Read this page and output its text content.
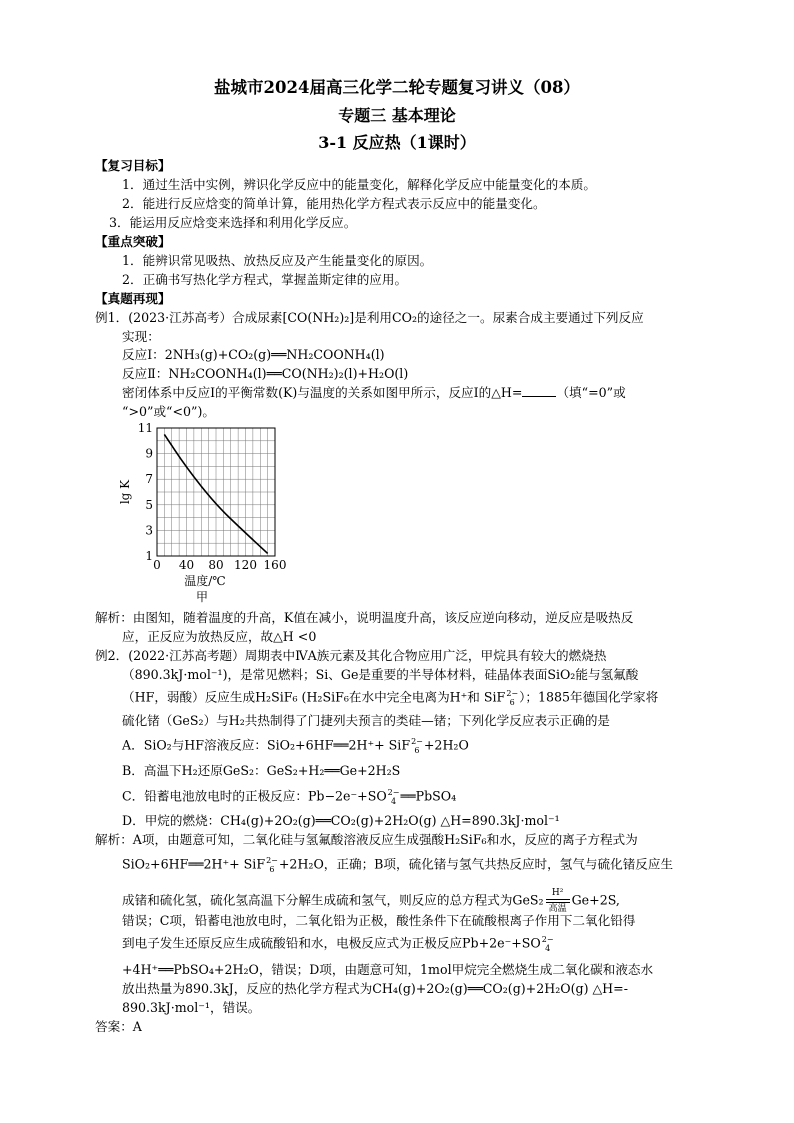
盐城市2024届高三化学二轮专题复习讲义（08）
专题三 基本理论
3-1 反应热（1课时）
【复习目标】
1．通过生活中实例，辨识化学反应中的能量变化，解释化学反应中能量变化的本质。
2．能进行反应焓变的简单计算，能用热化学方程式表示反应中的能量变化。
3．能运用反应焓变来选择和利用化学反应。
【重点突破】
1．能辨识常见吸热、放热反应及产生能量变化的原因。
2．正确书写热化学方程式，掌握盖斯定律的应用。
【真题再现】
例1．(2023·江苏高考）合成尿素[CO(NH₂)₂]是利用CO₂的途径之一。尿素合成主要通过下列反应
实现：
反应Ⅰ：2NH₃(g)+CO₂(g)══NH₂COONH₄(l)
反应Ⅱ：NH₂COONH₄(l)══CO(NH₂)₂(l)+H₂O(l)
密闭体系中反应Ⅰ的平衡常数(K)与温度的关系如图甲所示，反应Ⅰ的△H=	（填“=0”或
“>0”或“<0”)。
1
3
5
7
9
11
0 40 80 120 160
lg K
温度/℃
甲
解析：由图知，随着温度的升高，K值在减小，说明温度升高，该反应逆向移动，逆反应是吸热反
应，正反应为放热反应，故△H <0
例2．(2022·江苏高考题）周期表中ⅣA族元素及其化合物应用广泛，甲烷具有较大的燃烧热
（890.3kJ·mol⁻¹)，是常见燃料；Si、Ge是重要的半导体材料，硅晶体表面SiO₂能与氢氟酸
（HF，弱酸）反应生成H₂SiF₆ (H₂SiF₆在水中完全电离为H⁺和 SiF 2−
6 ）；1885年德国化学家将
硫化锗（GeS₂）与H₂共热制得了门捷列夫预言的类硅—锗；下列化学反应表示正确的是
A．SiO₂与HF溶液反应：SiO₂+6HF══2H⁺+ SiF 2−
6 +2H₂O
B．高温下H₂还原GeS₂：GeS₂+H₂══Ge+2H₂S
C．铅蓄电池放电时的正极反应：Pb−2e⁻+SO 2−
4 ══PbSO₄
D．甲烷的燃烧：CH₄(g)+2O₂(g)══CO₂(g)+2H₂O(g) △H=890.3kJ·mol⁻¹
解析：A项，由题意可知，二氧化硅与氢氟酸溶液反应生成强酸H₂SiF₆和水，反应的离子方程式为
SiO₂+6HF══2H⁺+ SiF 2−
6 +2H₂O，正确；B项，硫化锗与氢气共热反应时，氢气与硫化锗反应生
成锗和硫化氢，硫化氢高温下分解生成硫和氢气，则反应的总方程式为GeS₂ H²
高温
Ge+2S,
错误；C项，铅蓄电池放电时，二氧化铅为正极，酸性条件下在硫酸根离子作用下二氧化铅得
到电子发生还原反应生成硫酸铅和水，电极反应式为正极反应Pb+2e⁻+SO 2−
4
+4H⁺══PbSO₄+2H₂O，错误；D项，由题意可知，1mol甲烷完全燃烧生成二氧化碳和液态水
放出热量为890.3kJ，反应的热化学方程式为CH₄(g)+2O₂(g)══CO₂(g)+2H₂O(g) △H=-
890.3kJ·mol⁻¹，错误。
答案：A
